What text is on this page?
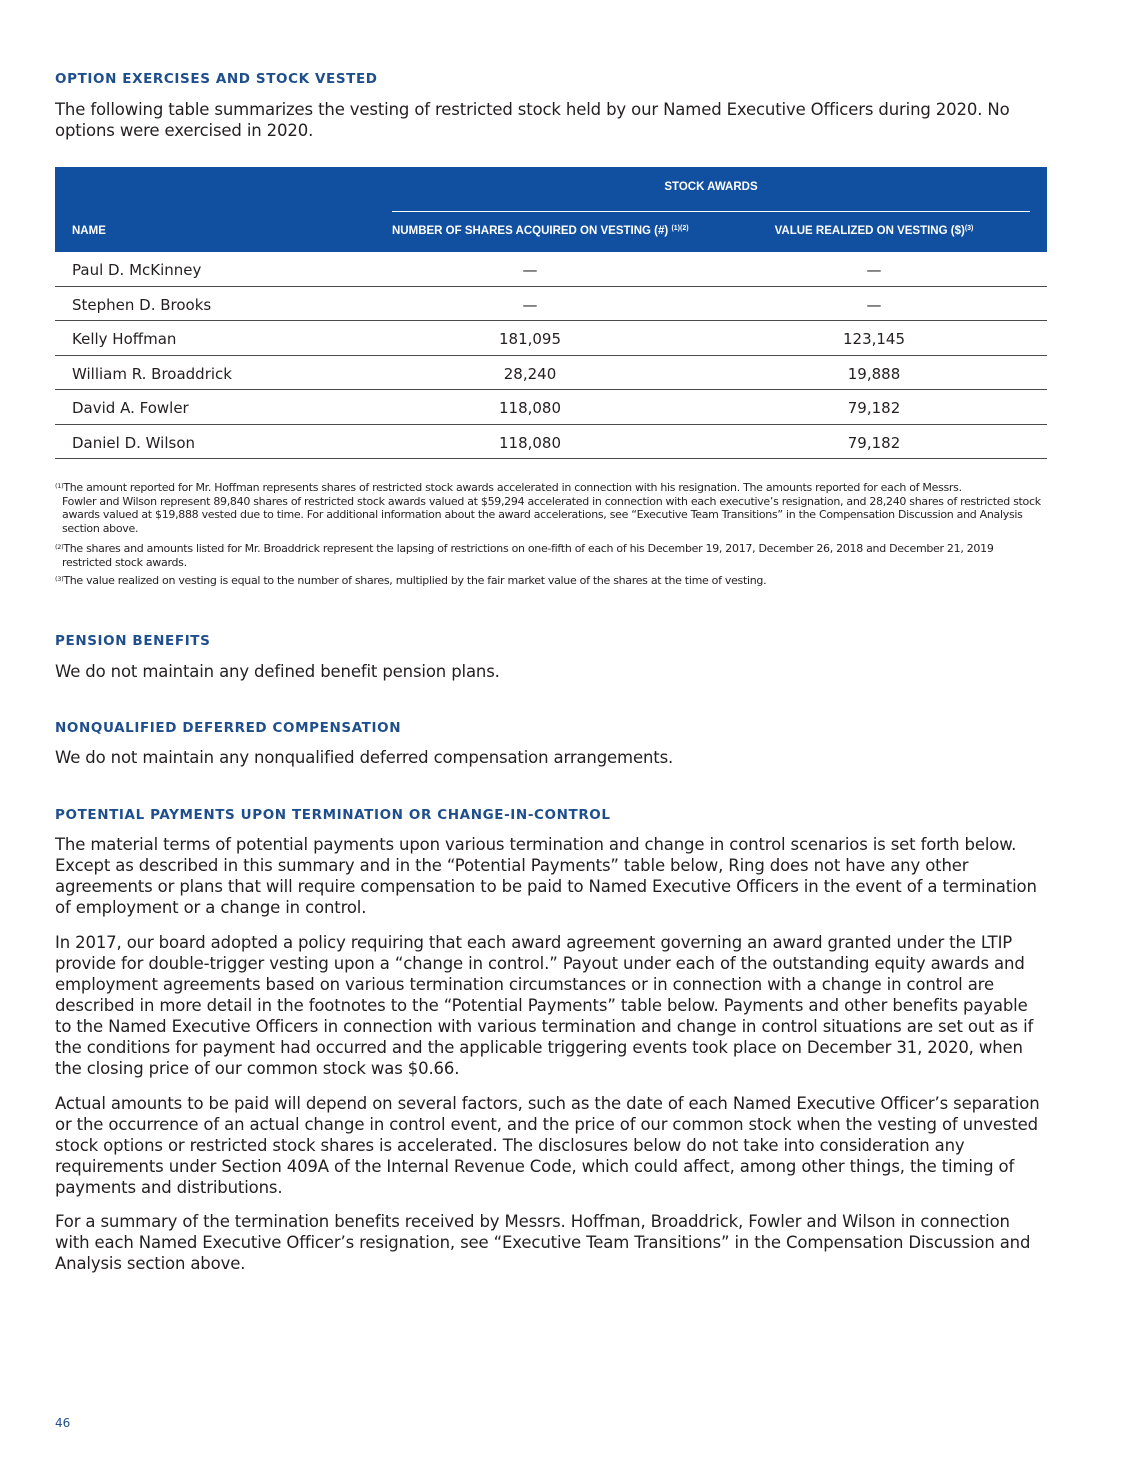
OPTION EXERCISES AND STOCK VESTED

The following table summarizes the vesting of restricted stock held by our Named Executive Officers during 2020. No options were exercised in 2020.

STOCK AWARDS
NAME	NUMBER OF SHARES ACQUIRED ON VESTING (#) $^{(1)(2)}$	VALUE REALIZED ON VESTING ($)$^{(3)}$
Paul D. McKinney	—	—
Stephen D. Brooks	—	—
Kelly Hoffman	181,095	123,145
William R. Broaddrick	28,240	19,888
David A. Fowler	118,080	79,182
Daniel D. Wilson	118,080	79,182

$^{(1)}$The amount reported for Mr. Hoffman represents shares of restricted stock awards accelerated in connection with his resignation. The amounts reported for each of Messrs.
Fowler and Wilson represent 89,840 shares of restricted stock awards valued at $59,294 accelerated in connection with each executive’s resignation, and 28,240 shares of restricted stock awards valued at $19,888 vested due to time. For additional information about the award accelerations, see “Executive Team Transitions” in the Compensation Discussion and Analysis section above.

$^{(2)}$The shares and amounts listed for Mr. Broaddrick represent the lapsing of restrictions on one-fifth of each of his December 19, 2017, December 26, 2018 and December 21, 2019
restricted stock awards.

$^{(3)}$The value realized on vesting is equal to the number of shares, multiplied by the fair market value of the shares at the time of vesting.

PENSION BENEFITS

We do not maintain any defined benefit pension plans.

NONQUALIFIED DEFERRED COMPENSATION

We do not maintain any nonqualified deferred compensation arrangements.

POTENTIAL PAYMENTS UPON TERMINATION OR CHANGE-IN-CONTROL

The material terms of potential payments upon various termination and change in control scenarios is set forth below. Except as described in this summary and in the “Potential Payments” table below, Ring does not have any other agreements or plans that will require compensation to be paid to Named Executive Officers in the event of a termination of employment or a change in control.

In 2017, our board adopted a policy requiring that each award agreement governing an award granted under the LTIP provide for double-trigger vesting upon a “change in control.” Payout under each of the outstanding equity awards and employment agreements based on various termination circumstances or in connection with a change in control are described in more detail in the footnotes to the “Potential Payments” table below. Payments and other benefits payable to the Named Executive Officers in connection with various termination and change in control situations are set out as if the conditions for payment had occurred and the applicable triggering events took place on December 31, 2020, when the closing price of our common stock was $0.66.

Actual amounts to be paid will depend on several factors, such as the date of each Named Executive Officer’s separation or the occurrence of an actual change in control event, and the price of our common stock when the vesting of unvested stock options or restricted stock shares is accelerated. The disclosures below do not take into consideration any requirements under Section 409A of the Internal Revenue Code, which could affect, among other things, the timing of payments and distributions.

For a summary of the termination benefits received by Messrs. Hoffman, Broaddrick, Fowler and Wilson in connection with each Named Executive Officer’s resignation, see “Executive Team Transitions” in the Compensation Discussion and Analysis section above.

46
